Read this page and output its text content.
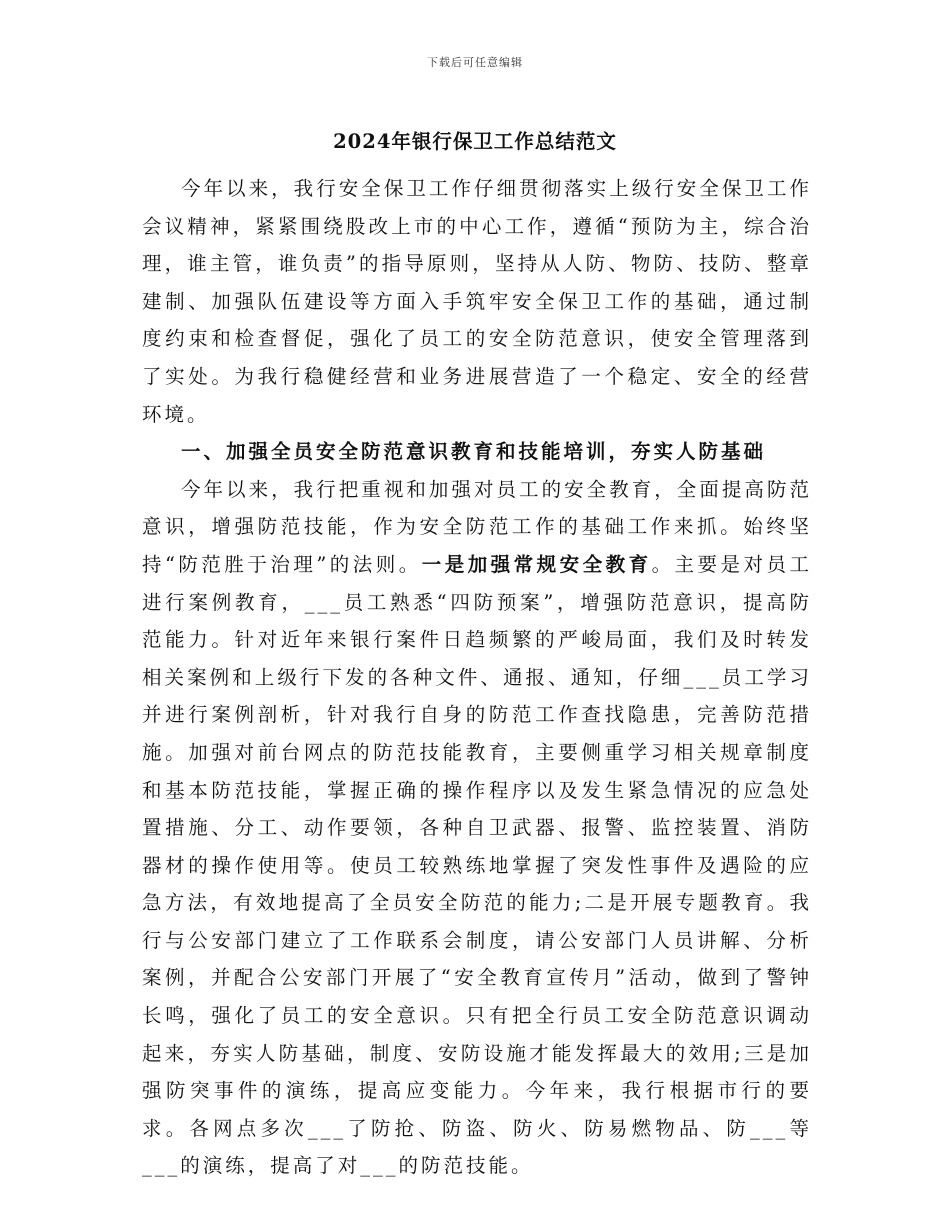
下载后可任意编辑
2024年银行保卫工作总结范文

今年以来，我行安全保卫工作仔细贯彻落实上级行安全保卫工作会议精神，紧紧围绕股改上市的中心工作，遵循“预防为主，综合治理，谁主管，谁负责”的指导原则，坚持从人防、物防、技防、整章建制、加强队伍建设等方面入手筑牢安全保卫工作的基础，通过制度约束和检查督促，强化了员工的安全防范意识，使安全管理落到了实处。为我行稳健经营和业务进展营造了一个稳定、安全的经营环境。

一、加强全员安全防范意识教育和技能培训，夯实人防基础

今年以来，我行把重视和加强对员工的安全教育，全面提高防范意识，增强防范技能，作为安全防范工作的基础工作来抓。始终坚持“防范胜于治理”的法则。一是加强常规安全教育。主要是对员工进行案例教育，___员工熟悉“四防预案”，增强防范意识，提高防范能力。针对近年来银行案件日趋频繁的严峻局面，我们及时转发相关案例和上级行下发的各种文件、通报、通知，仔细___员工学习并进行案例剖析，针对我行自身的防范工作查找隐患，完善防范措施。加强对前台网点的防范技能教育，主要侧重学习相关规章制度和基本防范技能，掌握正确的操作程序以及发生紧急情况的应急处置措施、分工、动作要领，各种自卫武器、报警、监控装置、消防器材的操作使用等。使员工较熟练地掌握了突发性事件及遇险的应急方法，有效地提高了全员安全防范的能力;二是开展专题教育。我行与公安部门建立了工作联系会制度，请公安部门人员讲解、分析案例，并配合公安部门开展了“安全教育宣传月”活动，做到了警钟长鸣，强化了员工的安全意识。只有把全行员工安全防范意识调动起来，夯实人防基础，制度、安防设施才能发挥最大的效用;三是加强防突事件的演练，提高应变能力。今年来，我行根据市行的要求。各网点多次___了防抢、防盗、防火、防易燃物品、防___等___的演练，提高了对___的防范技能。
